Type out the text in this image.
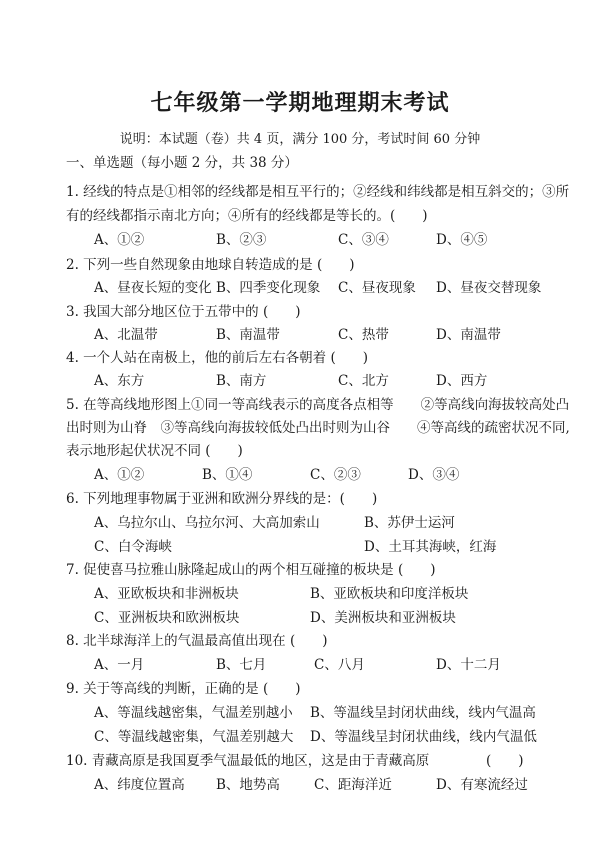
七年级第一学期地理期末考试
说明：本试题（卷）共 4 页，满分 100 分，考试时间 60 分钟
一、单选题（每小题 2 分，共 38 分）
1. 经线的特点是①相邻的经线都是相互平行的；②经线和纬线都是相互斜交的；③所
有的经线都指示南北方向；④所有的经线都是等长的。(　　)
A、①②	B、②③	C、③④	D、④⑤
2. 下列一些自然现象由地球自转造成的是 (　　)
A、昼夜长短的变化 B、四季变化现象 C、昼夜现象 D、昼夜交替现象
3. 我国大部分地区位于五带中的 (　　)
A、北温带	B、南温带	C、热带	D、南温带
4. 一个人站在南极上，他的前后左右各朝着 (　　)
A、东方	B、南方	C、北方	D、西方
5. 在等高线地形图上①同一等高线表示的高度各点相等　　②等高线向海拔较高处凸
出时则为山脊　③等高线向海拔较低处凸出时则为山谷　　④等高线的疏密状况不同,
表示地形起伏状况不同 (　　)
A、①②	B、①④	C、②③	D、③④
6. 下列地理事物属于亚洲和欧洲分界线的是：(　　)
A、乌拉尔山、乌拉尔河、大高加索山	B、苏伊士运河
C、白令海峡	D、土耳其海峡，红海
7. 促使喜马拉雅山脉隆起成山的两个相互碰撞的板块是 (　　)
A、亚欧板块和非洲板块	B、亚欧板块和印度洋板块
C、亚洲板块和欧洲板块	D、美洲板块和亚洲板块
8. 北半球海洋上的气温最高值出现在 (　　)
A、一月	B、七月	C、八月	D、十二月
9. 关于等高线的判断，正确的是 (　　)
A、等温线越密集，气温差别越小 B、等温线呈封闭状曲线，线内气温高
C、等温线越密集，气温差别越大 D、等温线呈封闭状曲线，线内气温低
10. 青藏高原是我国夏季气温最低的地区，这是由于青藏高原	(　　)
A、纬度位置高 B、地势高	C、距海洋近	D、有寒流经过
